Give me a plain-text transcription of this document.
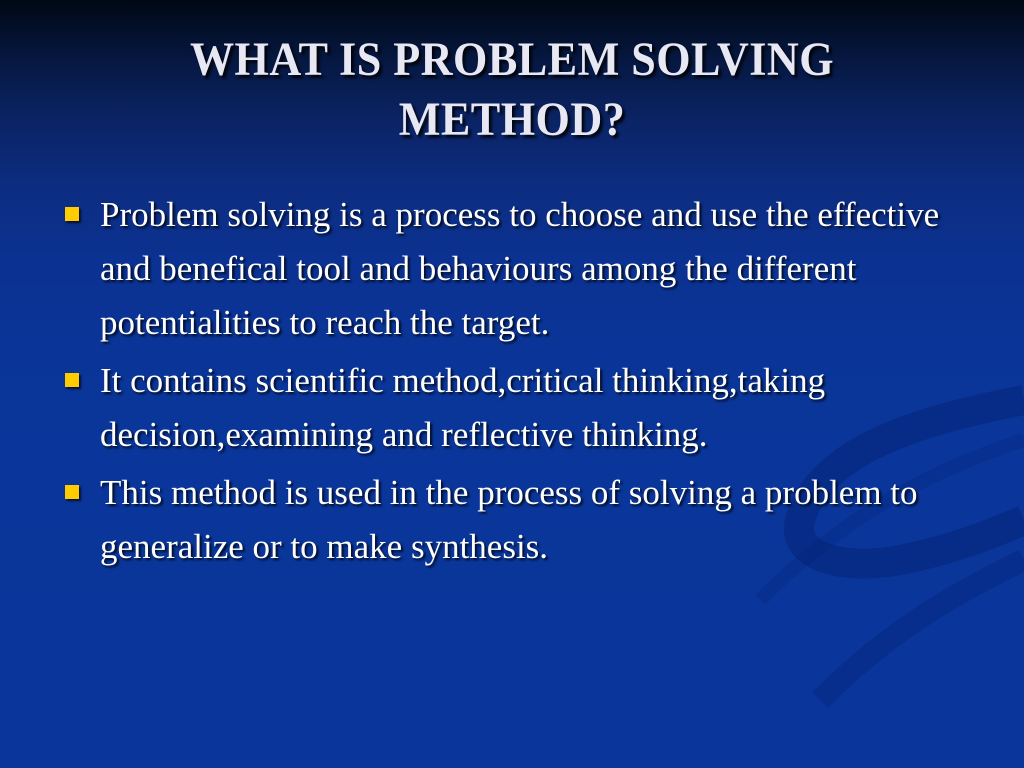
WHAT IS PROBLEM SOLVING
METHOD?
Problem solving is a process to choose and use the effective and benefical tool and behaviours among the different potentialities to reach the target.
It contains scientific method,critical thinking,taking decision,examining and reflective thinking.
This method is used in the process of solving a problem to generalize or to make synthesis.
